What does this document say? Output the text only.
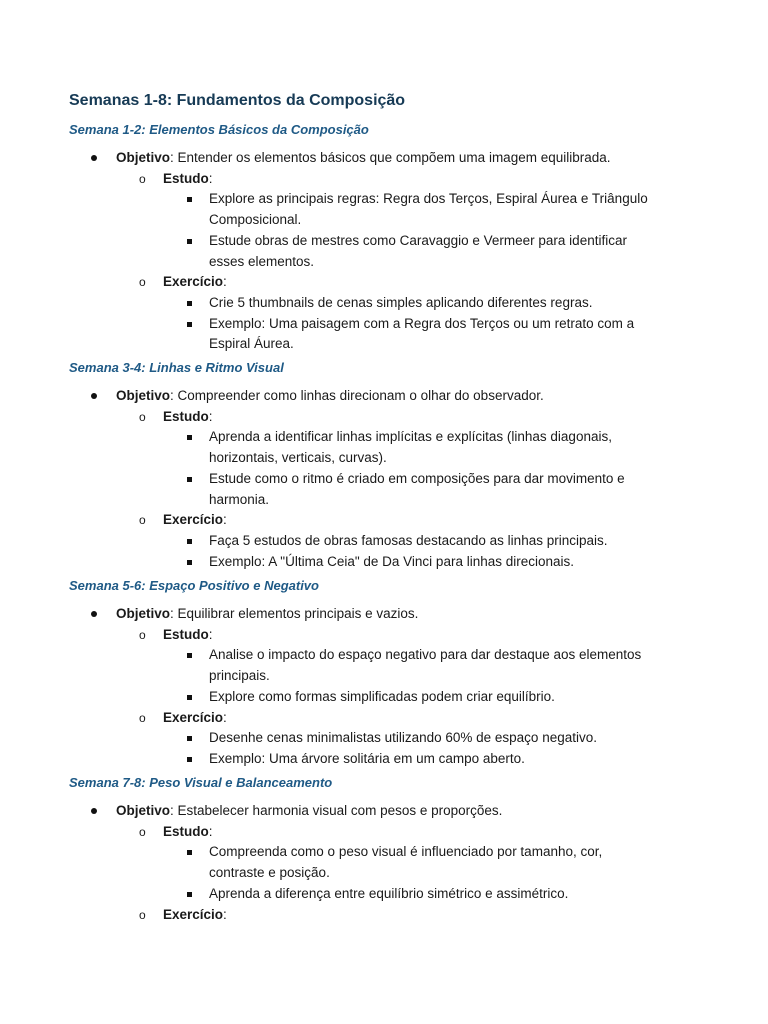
Semanas 1-8: Fundamentos da Composição
Semana 1-2: Elementos Básicos da Composição
Objetivo: Entender os elementos básicos que compõem uma imagem equilibrada.
o Estudo:
Explore as principais regras: Regra dos Terços, Espiral Áurea e Triângulo
Composicional.
Estude obras de mestres como Caravaggio e Vermeer para identificar
esses elementos.
o Exercício:
Crie 5 thumbnails de cenas simples aplicando diferentes regras.
Exemplo: Uma paisagem com a Regra dos Terços ou um retrato com a
Espiral Áurea.
Semana 3-4: Linhas e Ritmo Visual
Objetivo: Compreender como linhas direcionam o olhar do observador.
o Estudo:
Aprenda a identificar linhas implícitas e explícitas (linhas diagonais,
horizontais, verticais, curvas).
Estude como o ritmo é criado em composições para dar movimento e
harmonia.
o Exercício:
Faça 5 estudos de obras famosas destacando as linhas principais.
Exemplo: A "Última Ceia" de Da Vinci para linhas direcionais.
Semana 5-6: Espaço Positivo e Negativo
Objetivo: Equilibrar elementos principais e vazios.
o Estudo:
Analise o impacto do espaço negativo para dar destaque aos elementos
principais.
Explore como formas simplificadas podem criar equilíbrio.
o Exercício:
Desenhe cenas minimalistas utilizando 60% de espaço negativo.
Exemplo: Uma árvore solitária em um campo aberto.
Semana 7-8: Peso Visual e Balanceamento
Objetivo: Estabelecer harmonia visual com pesos e proporções.
o Estudo:
Compreenda como o peso visual é influenciado por tamanho, cor,
contraste e posição.
Aprenda a diferença entre equilíbrio simétrico e assimétrico.
o Exercício:
